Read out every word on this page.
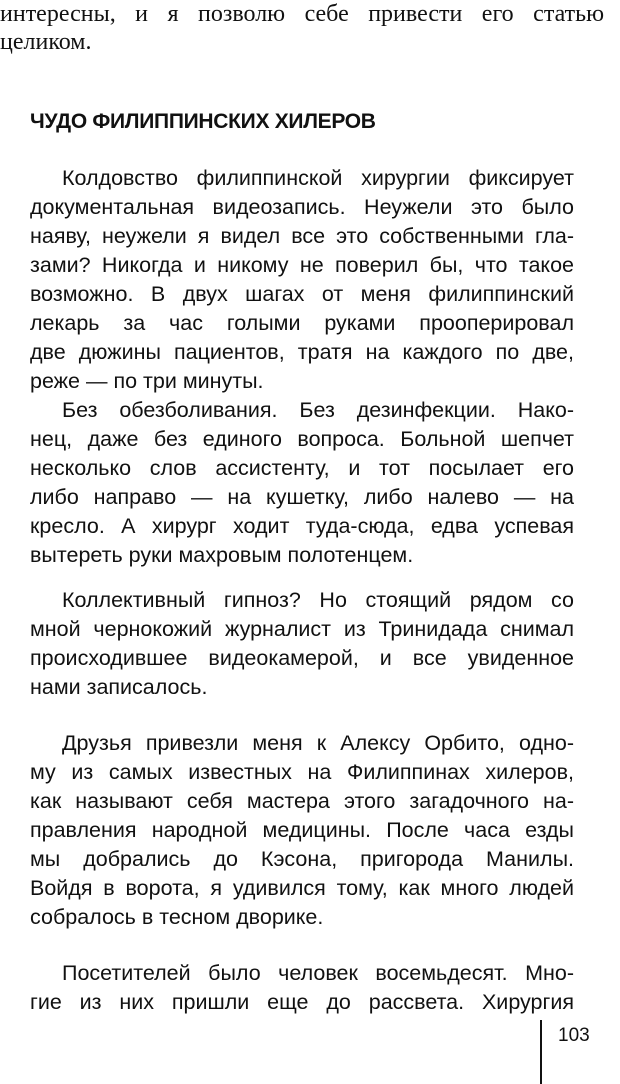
интересны, и я позволю себе привести его статью
целиком.
ЧУДО ФИЛИППИНСКИХ ХИЛЕРОВ
Колдовство филиппинской хирургии фиксирует
документальная видеозапись. Неужели это было
наяву, неужели я видел все это собственными гла-
зами? Никогда и никому не поверил бы, что такое
возможно. В двух шагах от меня филиппинский
лекарь за час голыми руками прооперировал
две дюжины пациентов, тратя на каждого по две,
реже — по три минуты.
Без обезболивания. Без дезинфекции. Нако-
нец, даже без единого вопроса. Больной шепчет
несколько слов ассистенту, и тот посылает его
либо направо — на кушетку, либо налево — на
кресло. А хирург ходит туда-сюда, едва успевая
вытереть руки махровым полотенцем.
Коллективный гипноз? Но стоящий рядом со
мной чернокожий журналист из Тринидада снимал
происходившее видеокамерой, и все увиденное
нами записалось.
Друзья привезли меня к Алексу Орбито, одно-
му из самых известных на Филиппинах хилеров,
как называют себя мастера этого загадочного на-
правления народной медицины. После часа езды
мы добрались до Кэсона, пригорода Манилы.
Войдя в ворота, я удивился тому, как много людей
собралось в тесном дворике.
Посетителей было человек восемьдесят. Мно-
гие из них пришли еще до рассвета. Хирургия
103
